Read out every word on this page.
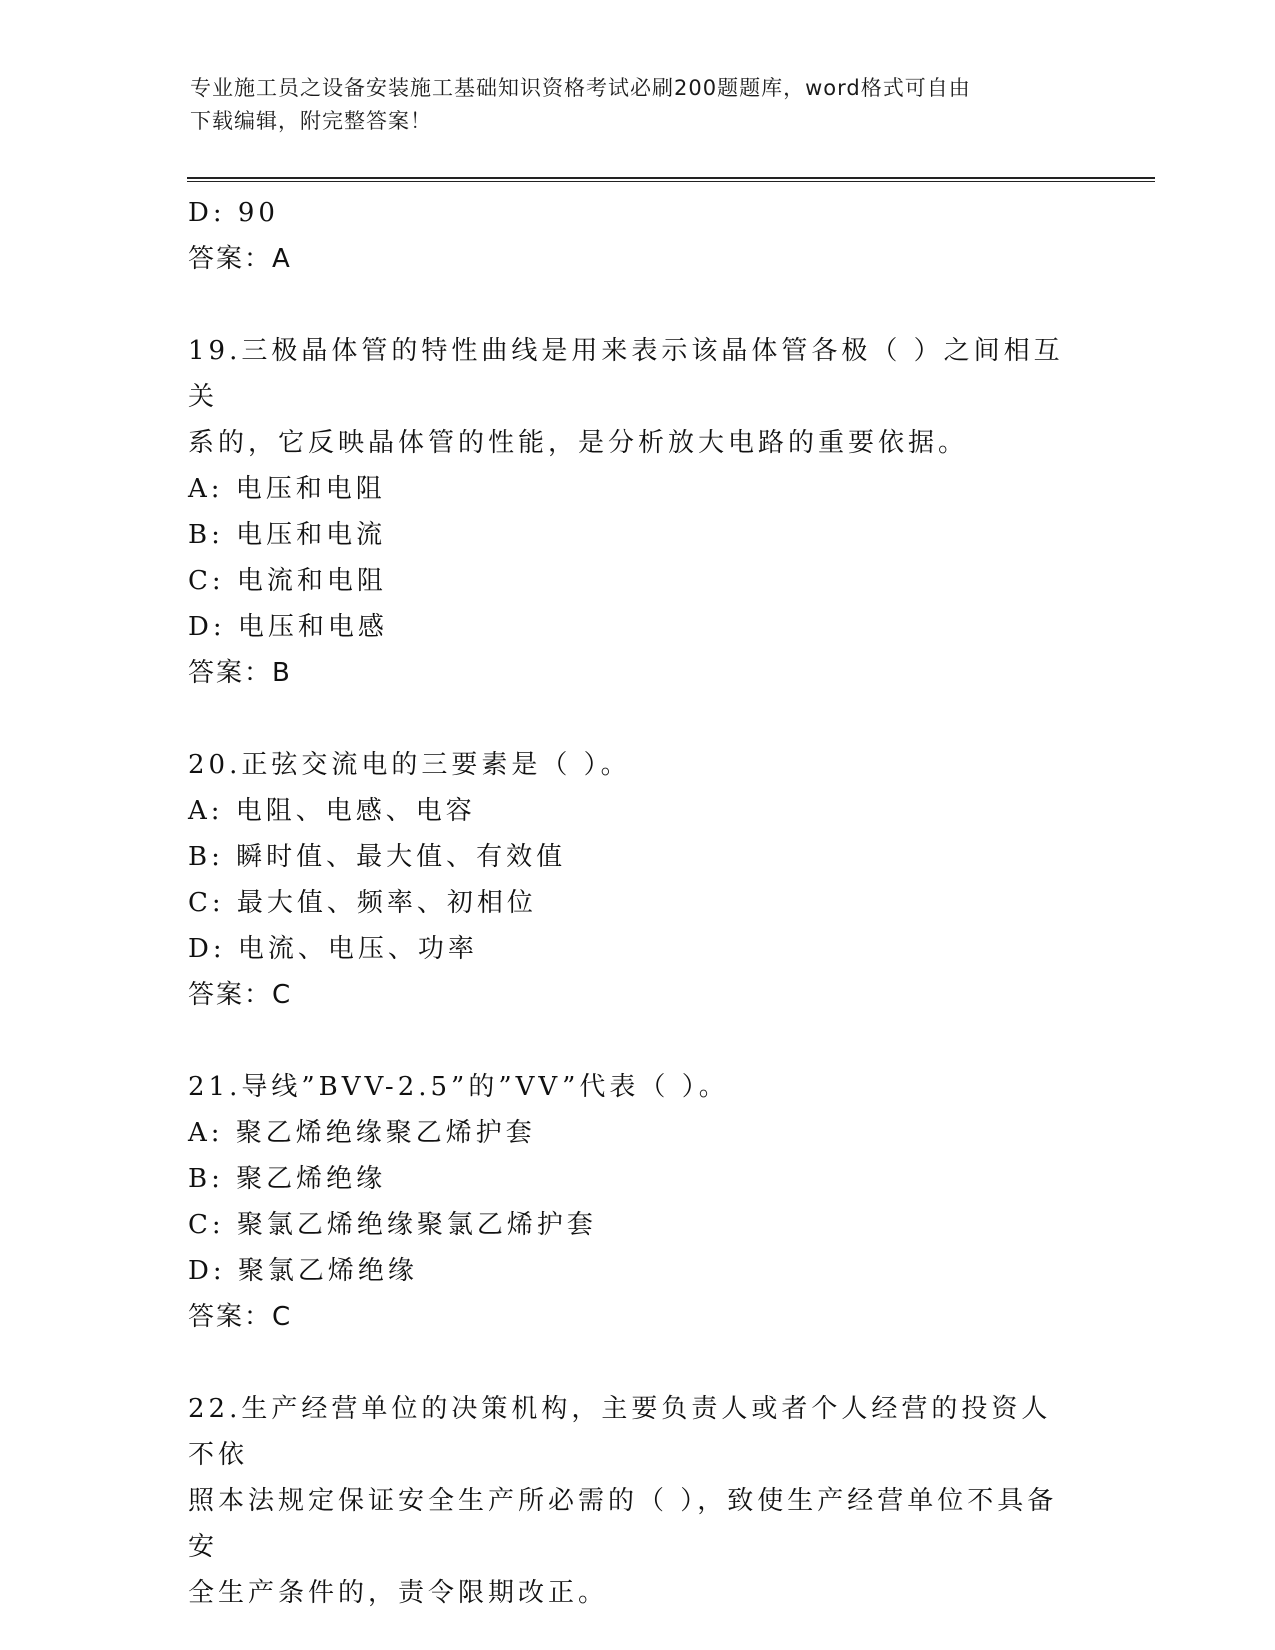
专业施工员之设备安装施工基础知识资格考试必刷200题题库，word格式可自由
下载编辑，附完整答案！
D: 90
答案：A
19.三极晶体管的特性曲线是用来表示该晶体管各极（ ）之间相互关
系的，它反映晶体管的性能，是分析放大电路的重要依据。
A: 电压和电阻
B: 电压和电流
C: 电流和电阻
D: 电压和电感
答案：B
20.正弦交流电的三要素是（ ）。
A: 电阻、电感、电容
B: 瞬时值、最大值、有效值
C: 最大值、频率、初相位
D: 电流、电压、功率
答案：C
21.导线”BVV-2.5”的”VV”代表（ ）。
A: 聚乙烯绝缘聚乙烯护套
B: 聚乙烯绝缘
C: 聚氯乙烯绝缘聚氯乙烯护套
D: 聚氯乙烯绝缘
答案：C
22.生产经营单位的决策机构，主要负责人或者个人经营的投资人不依
照本法规定保证安全生产所必需的（ ），致使生产经营单位不具备安
全生产条件的，责令限期改正。
